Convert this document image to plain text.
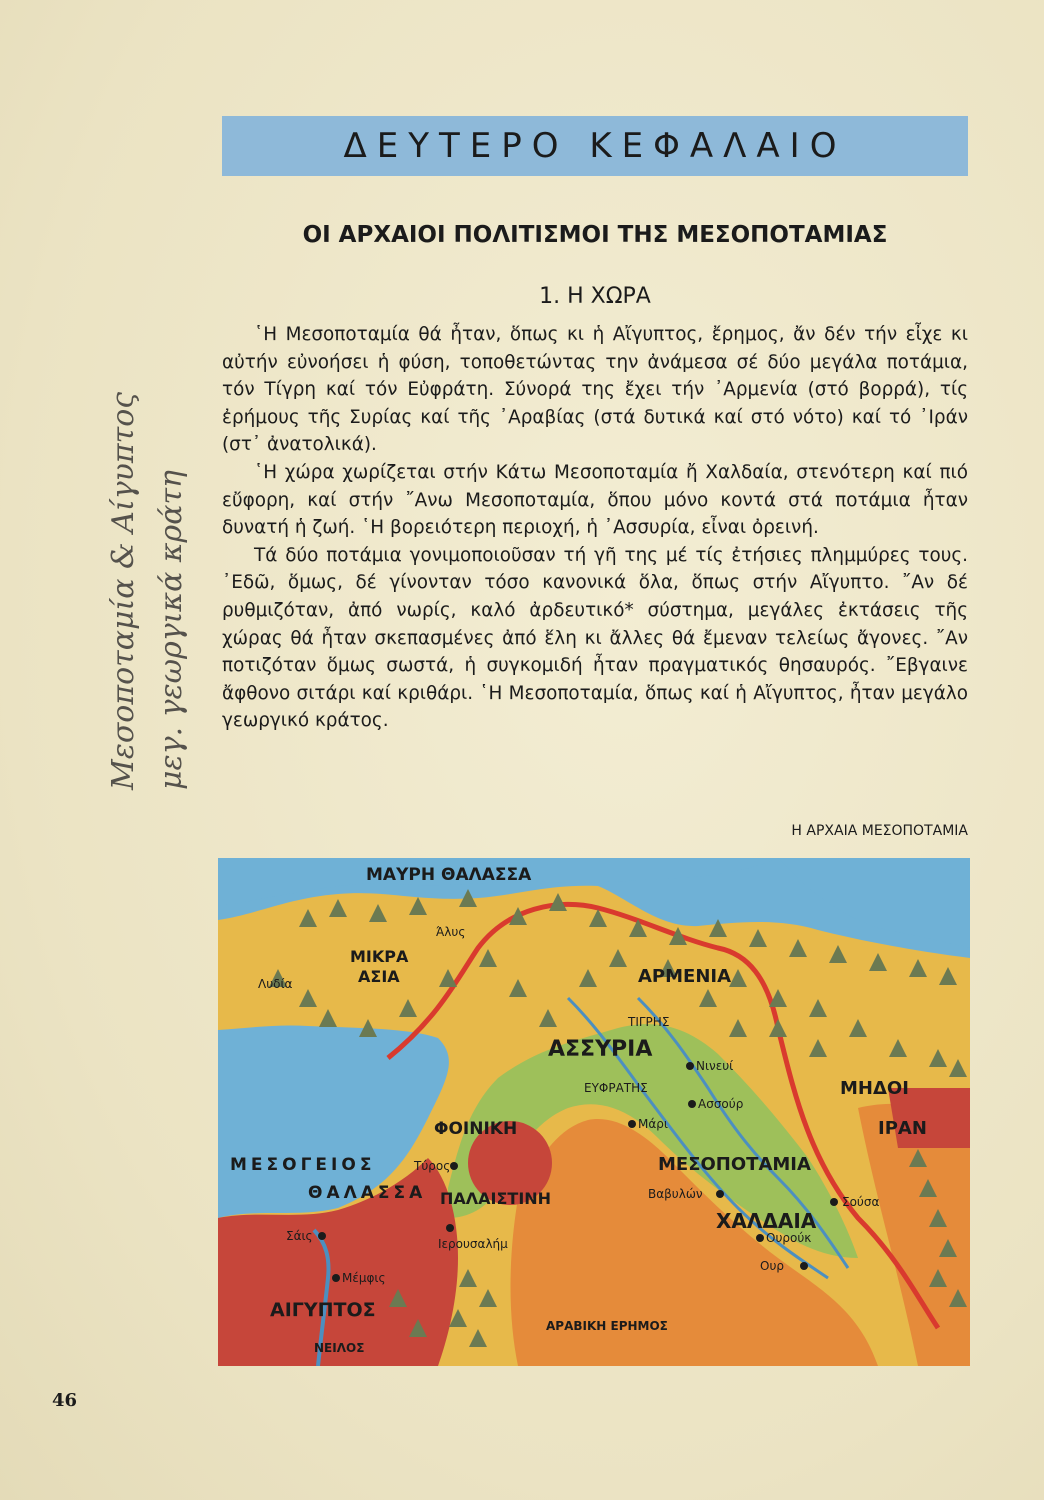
ΔΕΥΤΕΡΟ ΚΕΦΑΛΑΙΟ
ΟΙ ΑΡΧΑΙΟΙ ΠΟΛΙΤΙΣΜΟΙ ΤΗΣ ΜΕΣΟΠΟΤΑΜΙΑΣ
1. Η ΧΩΡΑ

῾Η Μεσοποταμία θά ἦταν, ὅπως κι ἡ Αἴγυπτος, ἔρημος, ἄν δέν τήν εἶχε κι αὐτήν εὐνοήσει ἡ φύση, τοποθετώντας την ἀνάμεσα σέ δύο μεγάλα ποτάμια, τόν Τίγρη καί τόν Εὐφράτη. Σύνορά της ἔχει τήν ᾿Αρμενία (στό βορρά), τίς ἐρήμους τῆς Συρίας καί τῆς ᾿Αραβίας (στά δυτικά καί στό νότο) καί τό ᾿Ιράν (στ᾿ ἀνατολικά).

῾Η χώρα χωρίζεται στήν Κάτω Μεσοποταμία ἤ Χαλδαία, στενότερη καί πιό εὔφορη, καί στήν ῎Ανω Μεσοποταμία, ὅπου μόνο κοντά στά ποτάμια ἦταν δυνατή ἡ ζωή. ῾Η βορειότερη περιοχή, ἡ ᾿Ασσυρία, εἶναι ὀρεινή.

Τά δύο ποτάμια γονιμοποιοῦσαν τή γῆ της μέ τίς ἐτήσιες πλημμύρες τους. ᾿Εδῶ, ὅμως, δέ γίνονταν τόσο κανονικά ὅλα, ὅπως στήν Αἴγυπτο. ῎Αν δέ ρυθμιζόταν, ἀπό νωρίς, καλό ἀρδευτικό* σύστημα, μεγάλες ἐκτάσεις τῆς χώρας θά ἦταν σκεπασμένες ἀπό ἕλη κι ἄλλες θά ἔμεναν τελείως ἄγονες. ῎Αν ποτιζόταν ὅμως σωστά, ἡ συγκομιδή ἦταν πραγματικός θησαυρός. ῎Εβγαινε ἄφθονο σιτάρι καί κριθάρι. ῾Η Μεσοποταμία, ὅπως καί ἡ Αἴγυπτος, ἦταν μεγάλο γεωργικό κράτος.

Η ΑΡΧΑΙΑ ΜΕΣΟΠΟΤΑΜΙΑ
ΜΑΥΡΗ ΘΑΛΑΣΣΑ
Άλυς
ΜΙΚΡΑ
ΑΣΙΑ
Λυδία	ΑΡΜΕΝΙΑ
ΤΙΓΡΗΣ
ΑΣΣΥΡΙΑ
Νινευί
ΕΥΦΡΑΤΗΣ
Ασσούρ
ΜΗΔΟΙ
ΙΡΑΝ
ΦΟΙΝΙΚΗ	Μάρι
ΜΕΣΟΓΕΙΟΣ
ΘΑΛΑΣΣΑ
Τύρος
ΠΑΛΑΙΣΤΙΝΗ
ΜΕΣΟΠΟΤΑΜΙΑ
Βαβυλών
Σούσα
ΧΑΛΔΑΙΑ
Σάις
Ιερουσαλήμ	Ουρούκ
Ουρ
Μέμφις
ΑΙΓΥΠΤΟΣ
ΝΕΙΛΟΣ
ΑΡΑΒΙΚΗ ΕΡΗΜΟΣ
Μεσοποταμία & Αίγυπτος μεγ. γεωργικά κράτη
46
